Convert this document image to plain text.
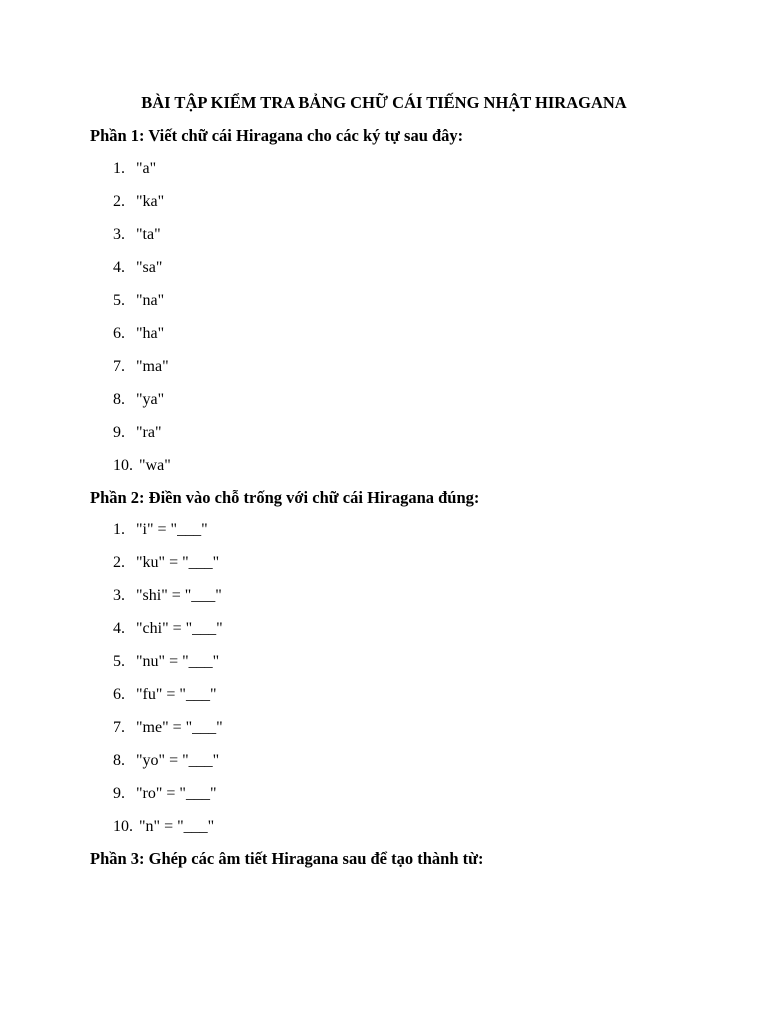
BÀI TẬP KIỂM TRA BẢNG CHỮ CÁI TIẾNG NHẬT HIRAGANA
Phần 1: Viết chữ cái Hiragana cho các ký tự sau đây:
1. "a"
2. "ka"
3. "ta"
4. "sa"
5. "na"
6. "ha"
7. "ma"
8. "ya"
9. "ra"
10. "wa"
Phần 2: Điền vào chỗ trống với chữ cái Hiragana đúng:
1. "i" = "___"
2. "ku" = "___"
3. "shi" = "___"
4. "chi" = "___"
5. "nu" = "___"
6. "fu" = "___"
7. "me" = "___"
8. "yo" = "___"
9. "ro" = "___"
10. "n" = "___"
Phần 3: Ghép các âm tiết Hiragana sau để tạo thành từ:
